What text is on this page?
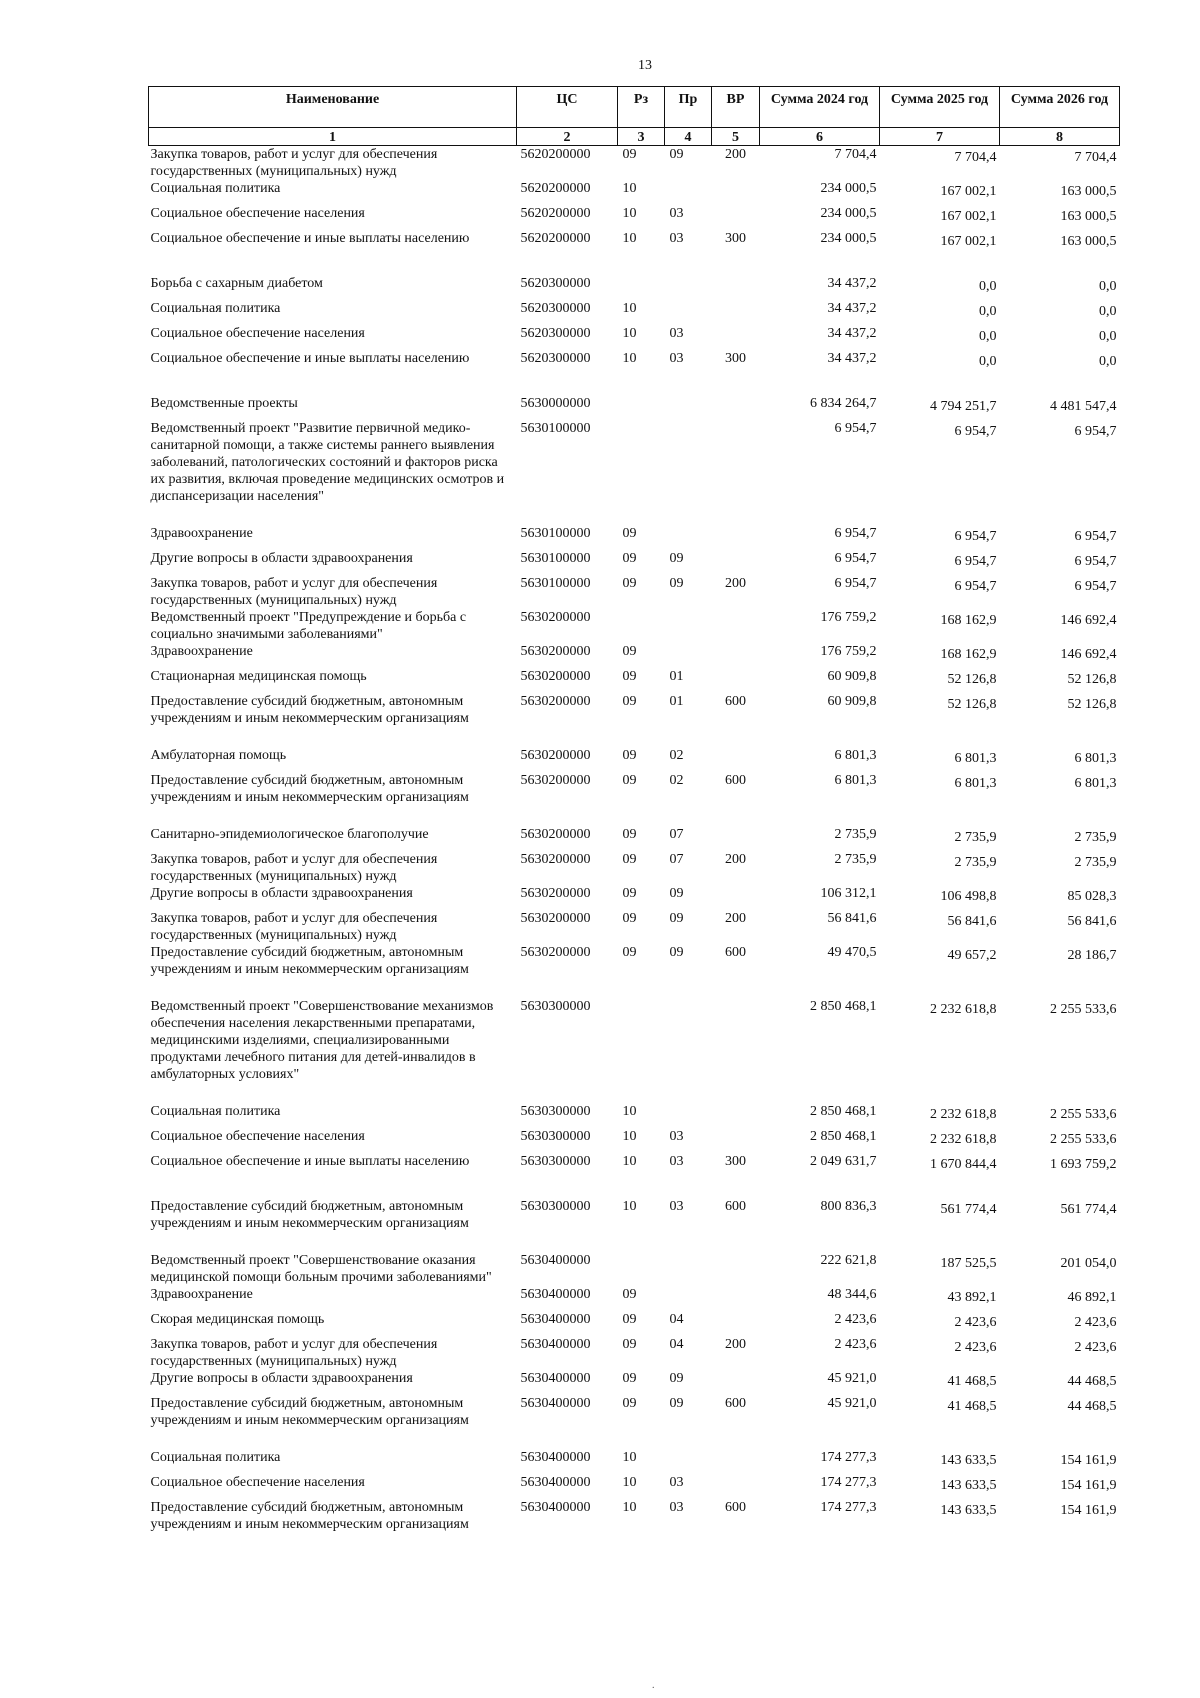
13
Наименование	ЦС	Рз	Пр	ВР	Сумма 2024 год	Сумма 2025 год	Сумма 2026 год
1	2	3	4	5	6	7	8
Закупка товаров, работ и услуг для обеспечения государственных (муниципальных) нужд	5620200000	09	09	200	7 704,4	7 704,4	7 704,4
Социальная политика	5620200000	10			234 000,5	167 002,1	163 000,5
Социальное обеспечение населения	5620200000	10	03		234 000,5	167 002,1	163 000,5
Социальное обеспечение и иные выплаты населению	5620200000	10	03	300	234 000,5	167 002,1	163 000,5

Борьба с сахарным диабетом	5620300000				34 437,2	0,0	0,0
Социальная политика	5620300000	10			34 437,2	0,0	0,0
Социальное обеспечение населения	5620300000	10	03		34 437,2	0,0	0,0
Социальное обеспечение и иные выплаты населению	5620300000	10	03	300	34 437,2	0,0	0,0

Ведомственные проекты	5630000000				6 834 264,7	4 794 251,7	4 481 547,4
Ведомственный проект "Развитие первичной медико-санитарной помощи, а также системы раннего выявления заболеваний, патологических состояний и факторов риска их развития, включая проведение медицинских осмотров и диспансеризации населения"	5630100000				6 954,7	6 954,7	6 954,7

Здравоохранение	5630100000	09			6 954,7	6 954,7	6 954,7
Другие вопросы в области здравоохранения	5630100000	09	09		6 954,7	6 954,7	6 954,7
Закупка товаров, работ и услуг для обеспечения государственных (муниципальных) нужд	5630100000	09	09	200	6 954,7	6 954,7	6 954,7
Ведомственный проект "Предупреждение и борьба с социально значимыми заболеваниями"	5630200000				176 759,2	168 162,9	146 692,4
Здравоохранение	5630200000	09			176 759,2	168 162,9	146 692,4
Стационарная медицинская помощь	5630200000	09	01		60 909,8	52 126,8	52 126,8
Предоставление субсидий бюджетным, автономным учреждениям и иным некоммерческим организациям	5630200000	09	01	600	60 909,8	52 126,8	52 126,8

Амбулаторная помощь	5630200000	09	02		6 801,3	6 801,3	6 801,3
Предоставление субсидий бюджетным, автономным учреждениям и иным некоммерческим организациям	5630200000	09	02	600	6 801,3	6 801,3	6 801,3

Санитарно-эпидемиологическое благополучие	5630200000	09	07		2 735,9	2 735,9	2 735,9
Закупка товаров, работ и услуг для обеспечения государственных (муниципальных) нужд	5630200000	09	07	200	2 735,9	2 735,9	2 735,9
Другие вопросы в области здравоохранения	5630200000	09	09		106 312,1	106 498,8	85 028,3
Закупка товаров, работ и услуг для обеспечения государственных (муниципальных) нужд	5630200000	09	09	200	56 841,6	56 841,6	56 841,6
Предоставление субсидий бюджетным, автономным учреждениям и иным некоммерческим организациям	5630200000	09	09	600	49 470,5	49 657,2	28 186,7

Ведомственный проект "Совершенствование механизмов обеспечения населения лекарственными препаратами, медицинскими изделиями, специализированными продуктами лечебного питания для детей-инвалидов в амбулаторных условиях"	5630300000				2 850 468,1	2 232 618,8	2 255 533,6

Социальная политика	5630300000	10			2 850 468,1	2 232 618,8	2 255 533,6
Социальное обеспечение населения	5630300000	10	03		2 850 468,1	2 232 618,8	2 255 533,6
Социальное обеспечение и иные выплаты населению	5630300000	10	03	300	2 049 631,7	1 670 844,4	1 693 759,2

Предоставление субсидий бюджетным, автономным учреждениям и иным некоммерческим организациям	5630300000	10	03	600	800 836,3	561 774,4	561 774,4

Ведомственный проект "Совершенствование оказания медицинской помощи больным прочими заболеваниями"	5630400000				222 621,8	187 525,5	201 054,0
Здравоохранение	5630400000	09			48 344,6	43 892,1	46 892,1
Скорая медицинская помощь	5630400000	09	04		2 423,6	2 423,6	2 423,6
Закупка товаров, работ и услуг для обеспечения государственных (муниципальных) нужд	5630400000	09	04	200	2 423,6	2 423,6	2 423,6
Другие вопросы в области здравоохранения	5630400000	09	09		45 921,0	41 468,5	44 468,5
Предоставление субсидий бюджетным, автономным учреждениям и иным некоммерческим организациям	5630400000	09	09	600	45 921,0	41 468,5	44 468,5

Социальная политика	5630400000	10			174 277,3	143 633,5	154 161,9
Социальное обеспечение населения	5630400000	10	03		174 277,3	143 633,5	154 161,9
Предоставление субсидий бюджетным, автономным учреждениям и иным некоммерческим организациям	5630400000	10	03	600	174 277,3	143 633,5	154 161,9
.
